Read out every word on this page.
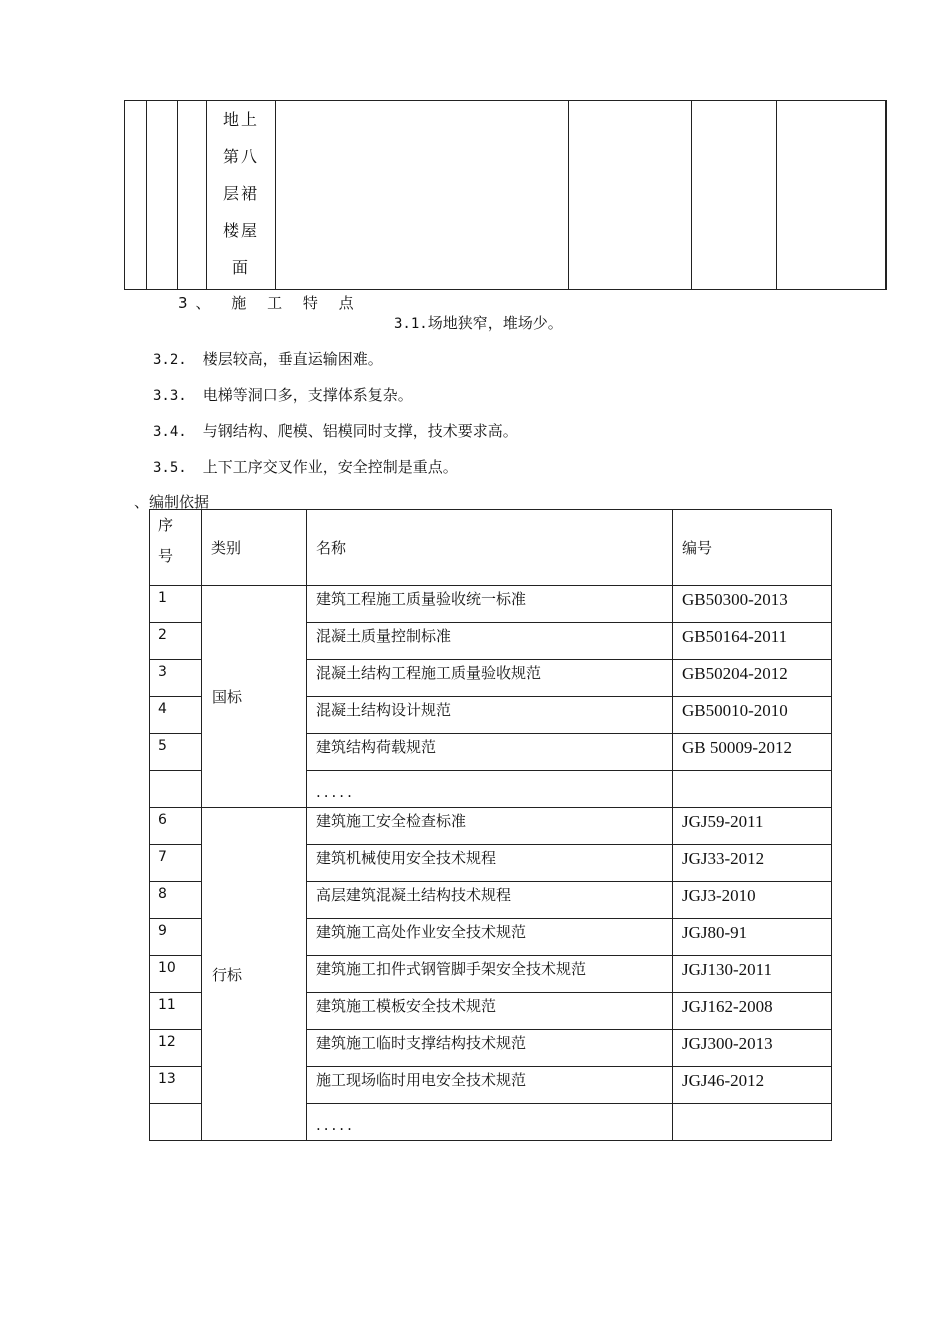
地上
第八
层裙
楼屋
面

3、 施 工 特 点
3.1.场地狭窄，堆场少。
3.2. 楼层较高，垂直运输困难。
3.3. 电梯等洞口多，支撑体系复杂。
3.4. 与钢结构、爬模、铝模同时支撑，技术要求高。
3.5. 上下工序交叉作业，安全控制是重点。
、编制依据
序
号	类别	名称	编号
1	国标	建筑工程施工质量验收统一标准	GB50300-2013
2		混凝土质量控制标准	GB50164-2011
3		混凝土结构工程施工质量验收规范	GB50204-2012
4		混凝土结构设计规范	GB50010-2010
5		建筑结构荷载规范	GB 50009-2012

		.....	

6	行标	建筑施工安全检查标准	JGJ59-2011
7		建筑机械使用安全技术规程	JGJ33-2012
8		高层建筑混凝土结构技术规程	JGJ3-2010
9		建筑施工高处作业安全技术规范	JGJ80-91
10		建筑施工扣件式钢管脚手架安全技术规范	JGJ130-2011
11		建筑施工模板安全技术规范	JGJ162-2008
12		建筑施工临时支撑结构技术规范	JGJ300-2013
13		施工现场临时用电安全技术规范	JGJ46-2012

		.....	
